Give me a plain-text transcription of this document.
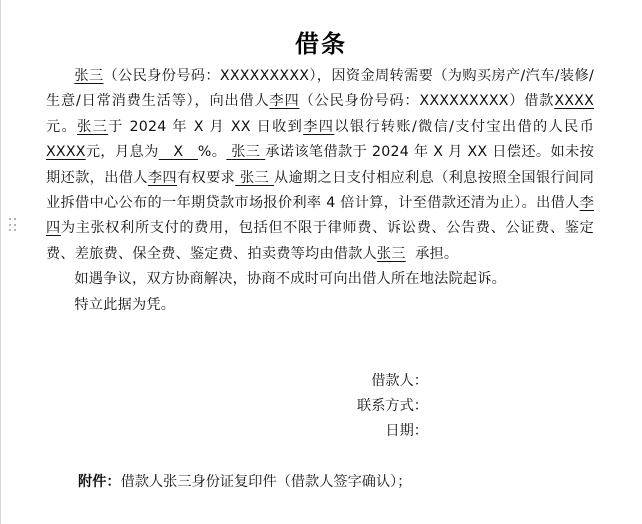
借条

张三（公民身份号码：XXXXXXXXX），因资金周转需要（为购买房产/汽车/装修/生意/日常消费生活等），向出借人李四（公民身份号码：XXXXXXXXX）借款XXXX元。张三于 2024 年 X 月 XX 日收到李四以银行转账/微信/支付宝出借的人民币 XXXX元，月息为 X %。 张三 承诺该笔借款于 2024 年 X 月 XX 日偿还。如未按期还款，出借人李四有权要求 张三 从逾期之日支付相应利息（利息按照全国银行间同业拆借中心公布的一年期贷款市场报价利率 4 倍计算，计至借款还清为止）。出借人李四为主张权利所支付的费用，包括但不限于律师费、诉讼费、公告费、公证费、鉴定费、差旅费、保全费、鉴定费、拍卖费等均由借款人张三 承担。

如遇争议，双方协商解决，协商不成时可向出借人所在地法院起诉。

特立此据为凭。

借款人：
联系方式：
日期：
附件：借款人张三身份证复印件（借款人签字确认）；
